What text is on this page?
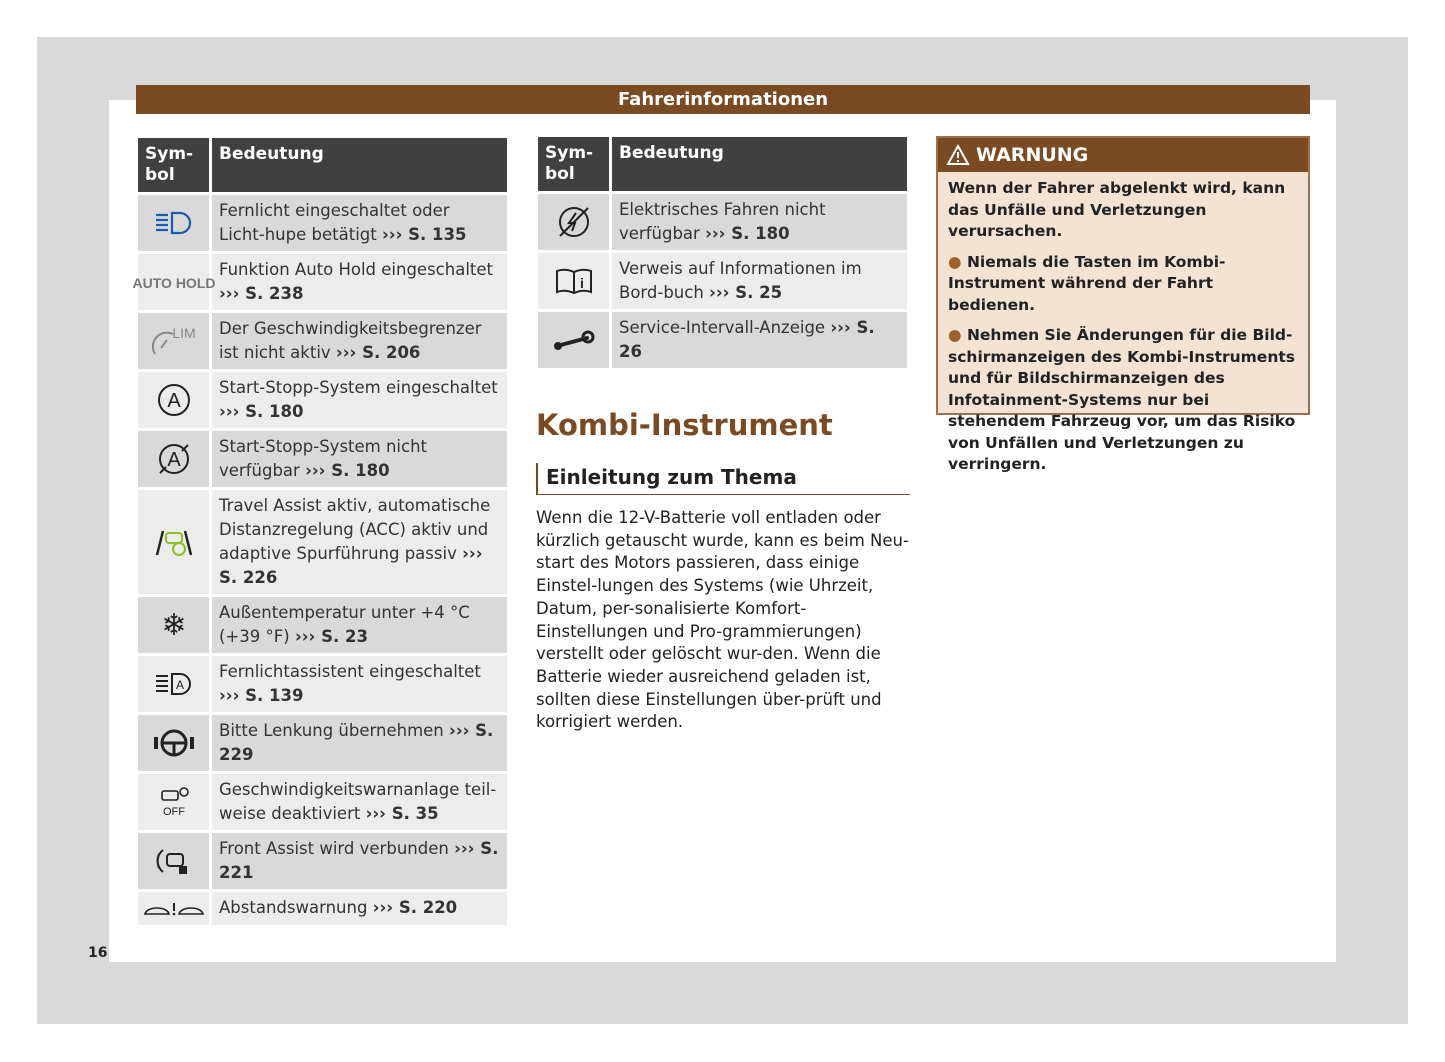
Fahrerinformationen
16
Sym-
bol	Bedeutung
	Fernlicht eingeschaltet oder Licht-hupe betätigt ››› S. 135

AUTO HOLD	Funktion Auto Hold eingeschaltet ››› S. 238

LIM	Der Geschwindigkeitsbegrenzer ist nicht aktiv ››› S. 206

A	Start-Stopp-System eingeschaltet ››› S. 180

A	Start-Stopp-System nicht verfügbar ››› S. 180
	Travel Assist aktiv, automatische Distanzregelung (ACC) aktiv und adaptive Spurführung passiv ››› S. 226

❄	Außentemperatur unter +4 °C (+39 °F) ››› S. 23

A	Fernlichtassistent eingeschaltet ››› S. 139
	Bitte Lenkung übernehmen ››› S. 229

OFF	Geschwindigkeitswarnanlage teil-weise deaktiviert ››› S. 35
	Front Assist wird verbunden ››› S. 221
	Abstandswarnung ››› S. 220
Sym-
bol	Bedeutung
	Elektrisches Fahren nicht verfügbar ››› S. 180

i	Verweis auf Informationen im Bord-buch ››› S. 25
	Service-Intervall-Anzeige ››› S. 26
Kombi-Instrument
Einleitung zum Thema
Wenn die 12-V-Batterie voll entladen oder kürzlich getauscht wurde, kann es beim Neu-start des Motors passieren, dass einige Einstel-lungen des Systems (wie Uhrzeit, Datum, per-sonalisierte Komfort-Einstellungen und Pro-grammierungen) verstellt oder gelöscht wur-den. Wenn die Batterie wieder ausreichend geladen ist, sollten diese Einstellungen über-prüft und korrigiert werden.
WARNUNG

Wenn der Fahrer abgelenkt wird, kann das Unfälle und Verletzungen verursachen.

● Niemals die Tasten im Kombi-Instrument während der Fahrt bedienen.

● Nehmen Sie Änderungen für die Bild-schirmanzeigen des Kombi-Instruments und für Bildschirmanzeigen des Infotainment-Systems nur bei stehendem Fahrzeug vor, um das Risiko von Unfällen und Verletzungen zu verringern.
